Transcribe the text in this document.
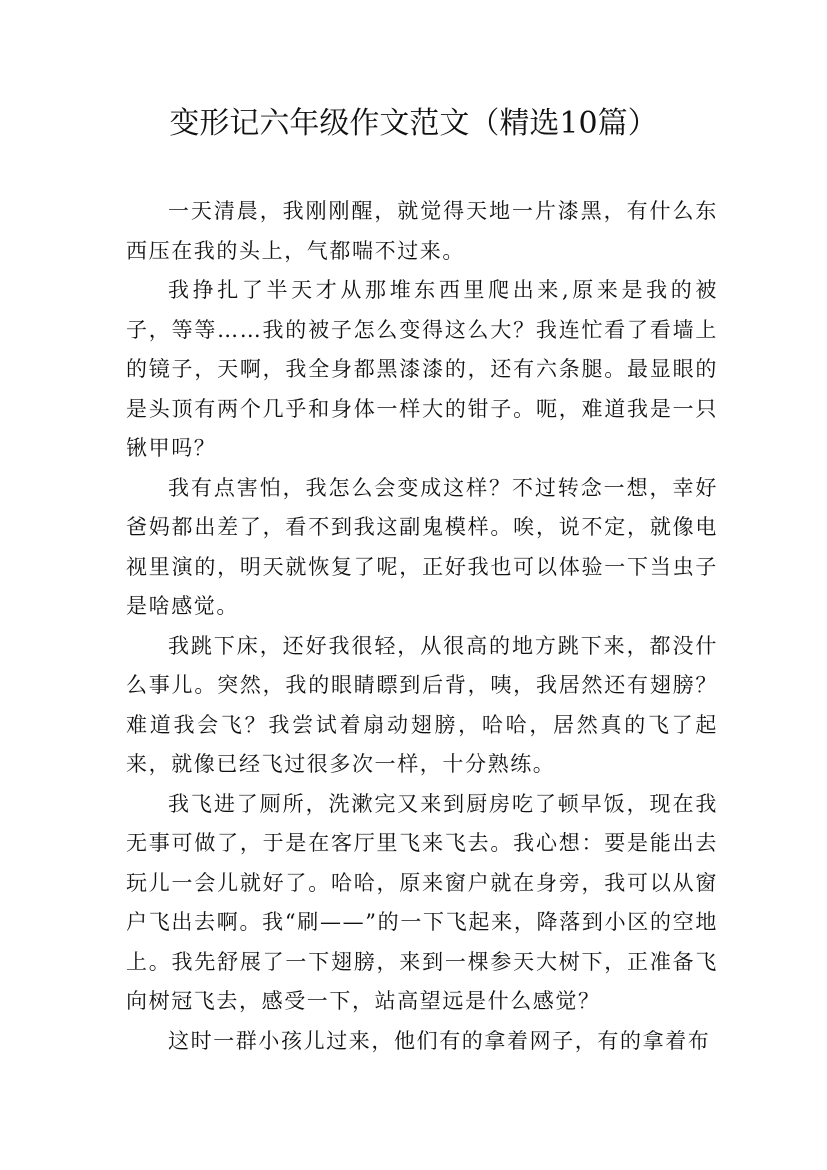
变形记六年级作文范文（精选10篇）

一天清晨，我刚刚醒，就觉得天地一片漆黑，有什么东西压在我的头上，气都喘不过来。

我挣扎了半天才从那堆东西里爬出来,原来是我的被子，等等……我的被子怎么变得这么大？我连忙看了看墙上的镜子，天啊，我全身都黑漆漆的，还有六条腿。最显眼的是头顶有两个几乎和身体一样大的钳子。呃，难道我是一只锹甲吗？

我有点害怕，我怎么会变成这样？不过转念一想，幸好爸妈都出差了，看不到我这副鬼模样。唉，说不定，就像电视里演的，明天就恢复了呢，正好我也可以体验一下当虫子是啥感觉。

我跳下床，还好我很轻，从很高的地方跳下来，都没什么事儿。突然，我的眼睛瞟到后背，咦，我居然还有翅膀？难道我会飞？我尝试着扇动翅膀，哈哈，居然真的飞了起来，就像已经飞过很多次一样，十分熟练。

我飞进了厕所，洗漱完又来到厨房吃了顿早饭，现在我无事可做了，于是在客厅里飞来飞去。我心想：要是能出去玩儿一会儿就好了。哈哈，原来窗户就在身旁，我可以从窗户飞出去啊。我“刷——”的一下飞起来，降落到小区的空地上。我先舒展了一下翅膀，来到一棵参天大树下，正准备飞向树冠飞去，感受一下，站高望远是什么感觉？

这时一群小孩儿过来，他们有的拿着网子，有的拿着布
